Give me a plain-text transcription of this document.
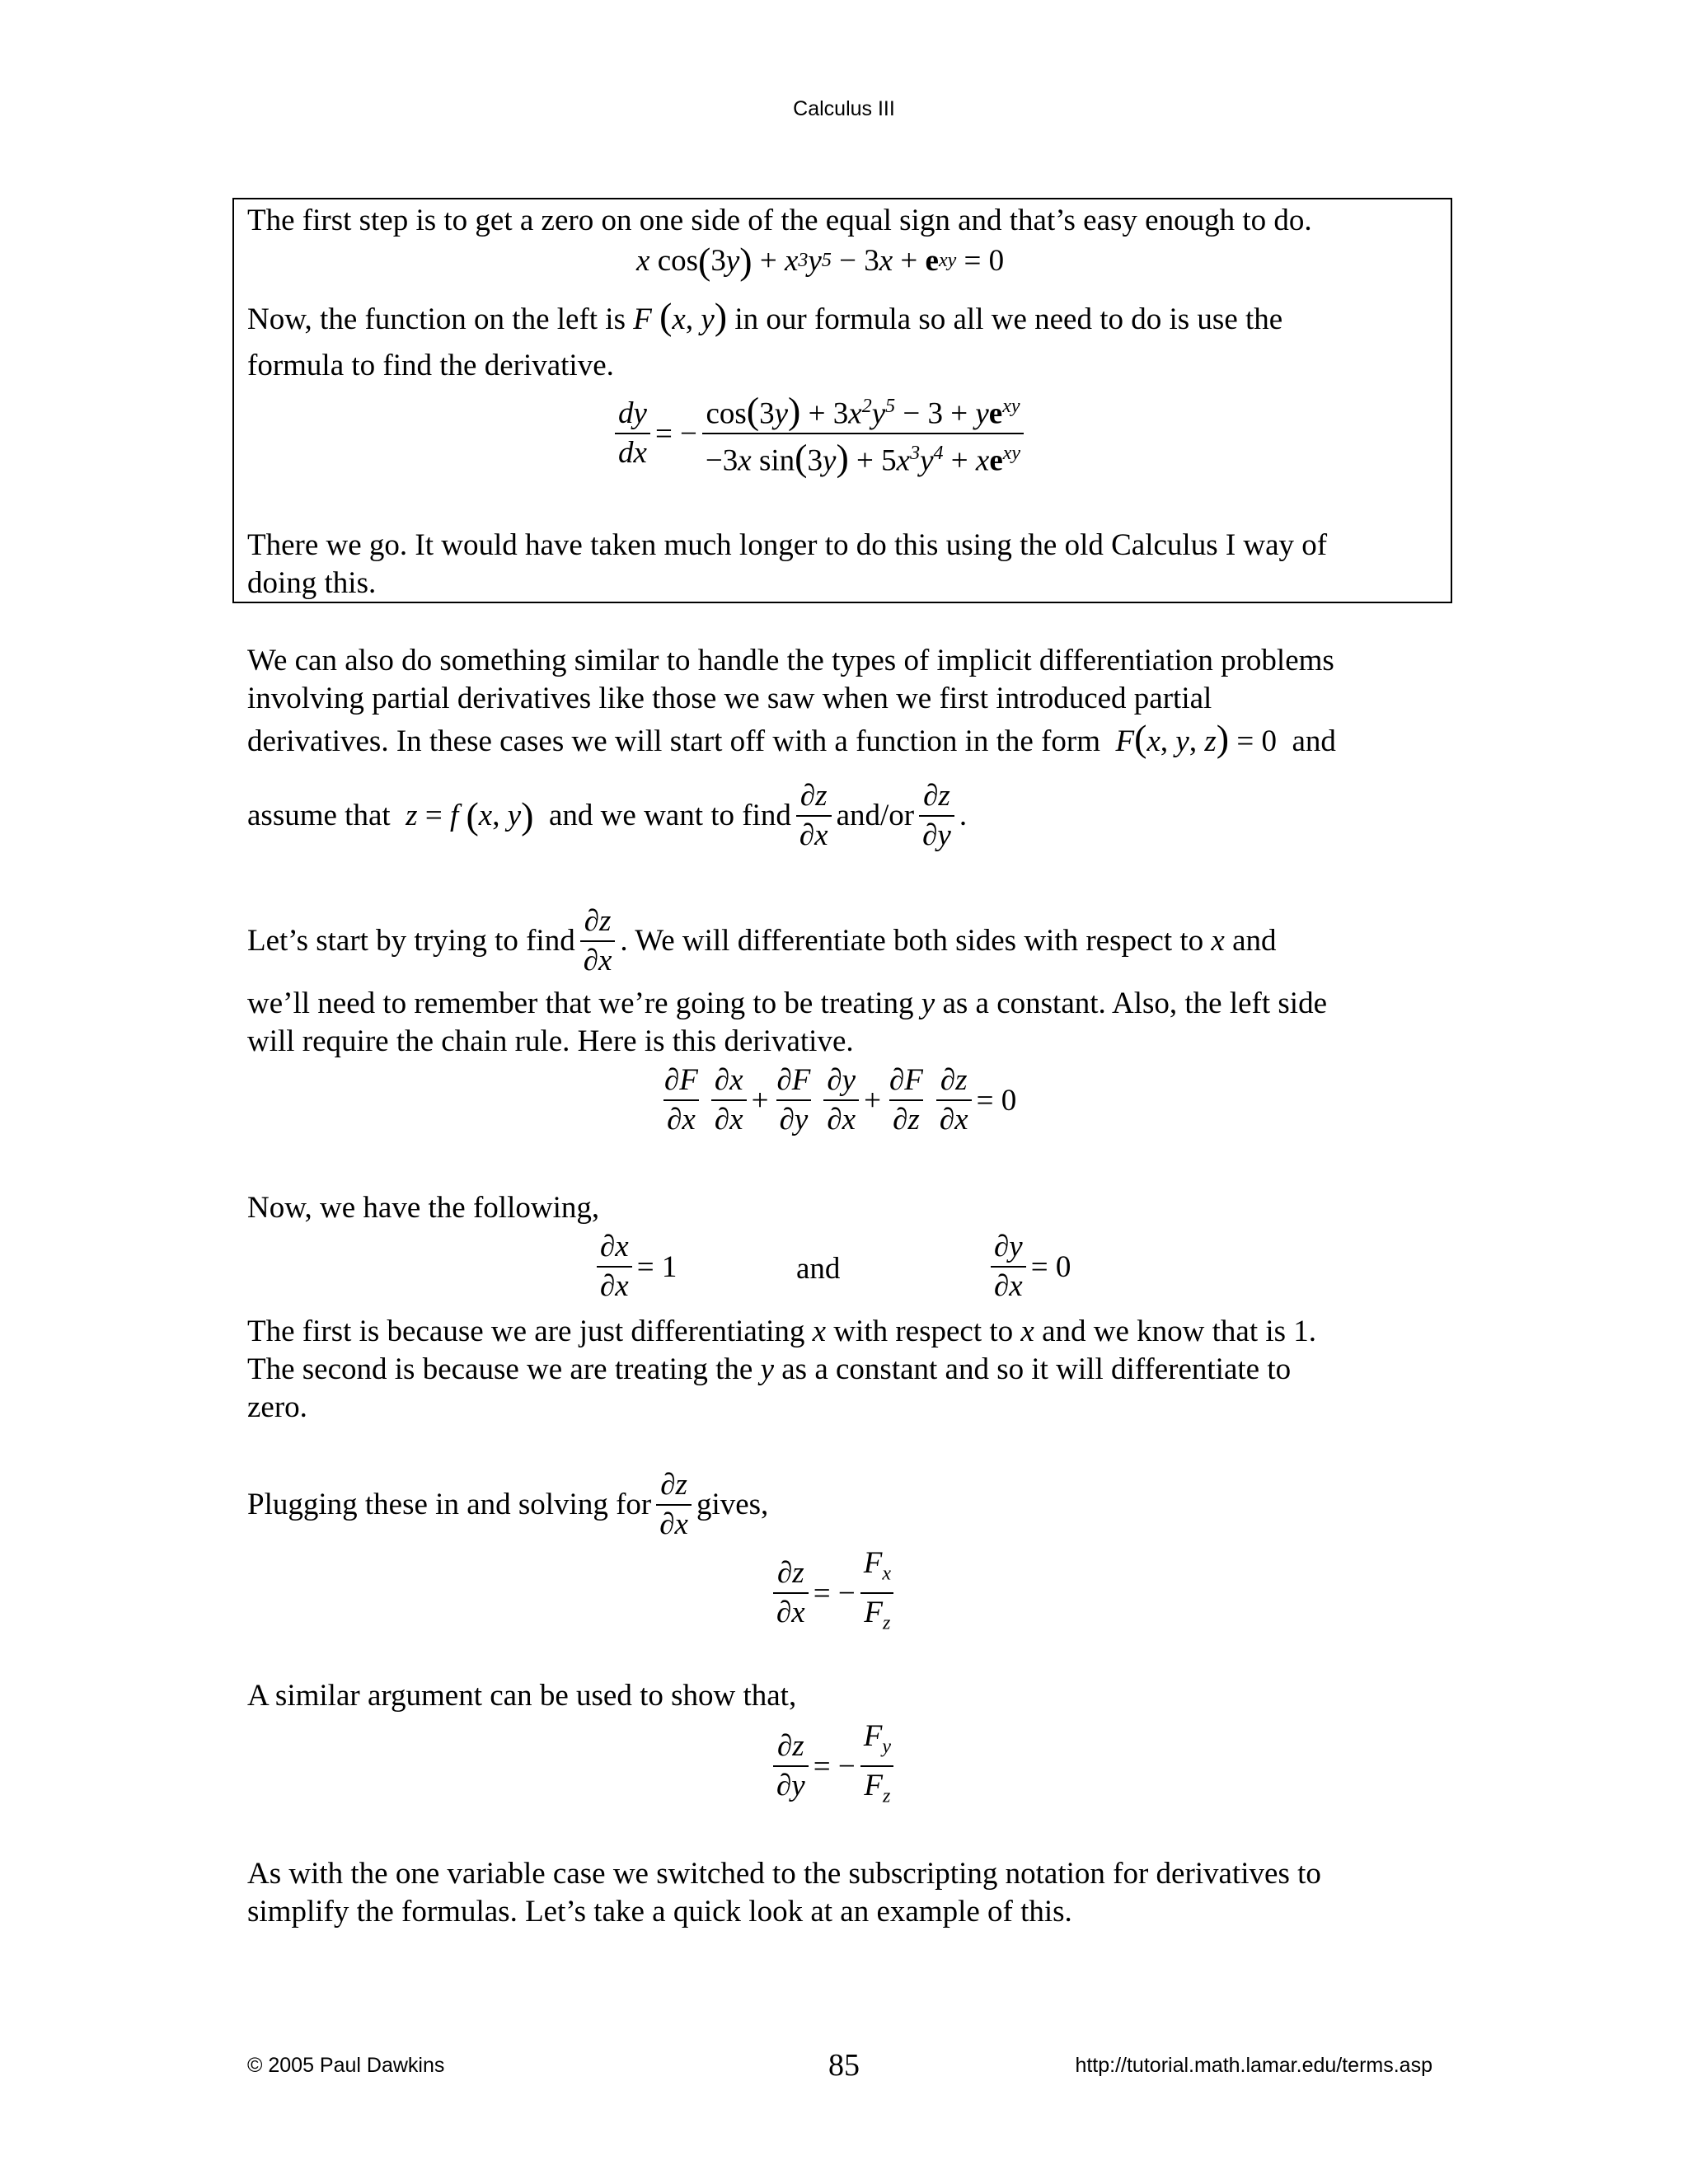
Calculus III
The first step is to get a zero on one side of the equal sign and that’s easy enough to do.
x cos ( 3 y ) + x 3 y 5 − 3 x + e xy = 0
Now, the function on the left is F (x, y) in our formula so all we need to do is use the
formula to find the derivative.
$\frac{dy}{dx}$ = − $\frac{\cos(3y) + 3x^2y^5 - 3 + ye^{xy}}{-3x \sin(3y) + 5x^3y^4 + xe^{xy}}$
There we go. It would have taken much longer to do this using the old Calculus I way of
doing this.
We can also do something similar to handle the types of implicit differentiation problems
involving partial derivatives like those we saw when we first introduced partial
derivatives. In these cases we will start off with a function in the form F(x, y, z) = 0  and
assume that
z = f
( x , y )
and we want to find $\frac{\partial z}{\partial x} and/or \frac{\partial z}{\partial y}$ .
Let’s start by trying to find $\frac{\partial z}{\partial x}$ . We will differentiate both sides with respect to
x
and
we’ll need to remember that we’re going to be treating y as a constant. Also, the left side
will require the chain rule. Here is this derivative.
$\frac{\partial F}{\partial x} \frac{\partial x}{\partial x} + \frac{\partial F}{\partial y} \frac{\partial y}{\partial x} + \frac{\partial F}{\partial z} \frac{\partial z}{\partial x} = 0$
Now, we have the following,
$\frac{\partial x}{\partial x} = 1$	and	$\frac{\partial y}{\partial x} = 0$
The first is because we are just differentiating x with respect to x and we know that is 1.
The second is because we are treating the y as a constant and so it will differentiate to
zero.
Plugging these in and solving for $\frac{\partial z}{\partial x}$ gives,
$\frac{\partial z}{\partial x}$ = − $\frac{F_x}{F_z}$
A similar argument can be used to show that,
$\frac{\partial z}{\partial y}$ = − $\frac{F_y}{F_z}$
As with the one variable case we switched to the subscripting notation for derivatives to
simplify the formulas. Let’s take a quick look at an example of this.
© 2005 Paul Dawkins	85	http://tutorial.math.lamar.edu/terms.asp
